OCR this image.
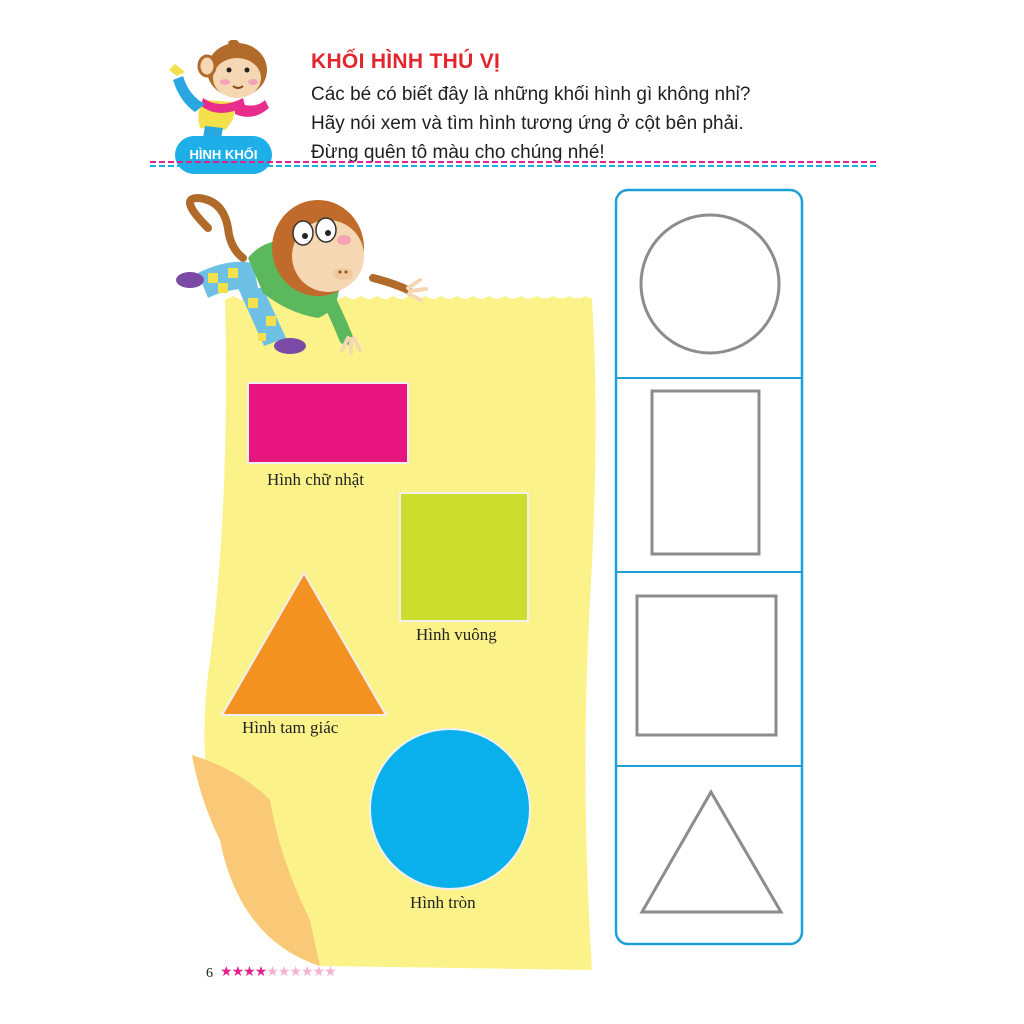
HÌNH KHỐI
KHỐI HÌNH THÚ VỊ
Các bé có biết đây là những khối hình gì không nhỉ?
Hãy nói xem và tìm hình tương ứng ở cột bên phải.
Đừng quên tô màu cho chúng nhé!
Hình chữ nhật
Hình vuông
Hình tam giác
Hình tròn
6 ★★★★★★★★★★
